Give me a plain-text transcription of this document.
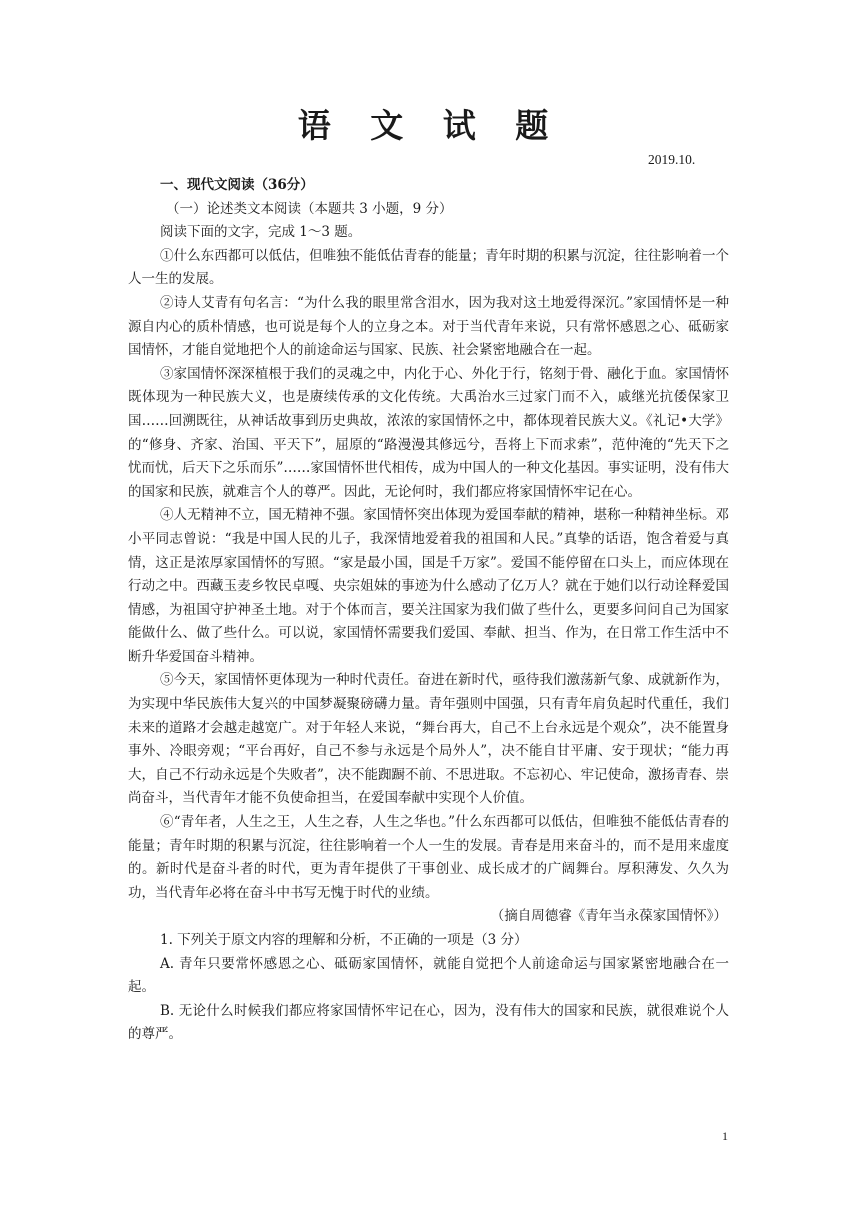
语 文 试 题
2019.10.

一、现代文阅读（36分）

（一）论述类文本阅读（本题共 3 小题，9 分）

阅读下面的文字，完成 1～3 题。

①什么东西都可以低估，但唯独不能低估青春的能量；青年时期的积累与沉淀，往往影响着一个人一生的发展。

②诗人艾青有句名言：“为什么我的眼里常含泪水，因为我对这土地爱得深沉。”家国情怀是一种源自内心的质朴情感，也可说是每个人的立身之本。对于当代青年来说，只有常怀感恩之心、砥砺家国情怀，才能自觉地把个人的前途命运与国家、民族、社会紧密地融合在一起。

③家国情怀深深植根于我们的灵魂之中，内化于心、外化于行，铭刻于骨、融化于血。家国情怀既体现为一种民族大义，也是赓续传承的文化传统。大禹治水三过家门而不入，戚继光抗倭保家卫国……回溯既往，从神话故事到历史典故，浓浓的家国情怀之中，都体现着民族大义。《礼记•大学》的“修身、齐家、治国、平天下”，屈原的“路漫漫其修远兮，吾将上下而求索”，范仲淹的“先天下之忧而忧，后天下之乐而乐”……家国情怀世代相传，成为中国人的一种文化基因。事实证明，没有伟大的国家和民族，就难言个人的尊严。因此，无论何时，我们都应将家国情怀牢记在心。

④人无精神不立，国无精神不强。家国情怀突出体现为爱国奉献的精神，堪称一种精神坐标。邓小平同志曾说：“我是中国人民的儿子，我深情地爱着我的祖国和人民。”真挚的话语，饱含着爱与真情，这正是浓厚家国情怀的写照。“家是最小国，国是千万家”。爱国不能停留在口头上，而应体现在行动之中。西藏玉麦乡牧民卓嘎、央宗姐妹的事迹为什么感动了亿万人？就在于她们以行动诠释爱国情感，为祖国守护神圣土地。对于个体而言，要关注国家为我们做了些什么，更要多问问自己为国家能做什么、做了些什么。可以说，家国情怀需要我们爱国、奉献、担当、作为，在日常工作生活中不断升华爱国奋斗精神。

⑤今天，家国情怀更体现为一种时代责任。奋进在新时代，亟待我们激荡新气象、成就新作为，为实现中华民族伟大复兴的中国梦凝聚磅礴力量。青年强则中国强，只有青年肩负起时代重任，我们未来的道路才会越走越宽广。对于年轻人来说，“舞台再大，自己不上台永远是个观众”，决不能置身事外、冷眼旁观；“平台再好，自己不参与永远是个局外人”，决不能自甘平庸、安于现状；“能力再大，自己不行动永远是个失败者”，决不能踟蹰不前、不思进取。不忘初心、牢记使命，激扬青春、崇尚奋斗，当代青年才能不负使命担当，在爱国奉献中实现个人价值。

⑥“青年者，人生之王，人生之春，人生之华也。”什么东西都可以低估，但唯独不能低估青春的能量；青年时期的积累与沉淀，往往影响着一个人一生的发展。青春是用来奋斗的，而不是用来虚度的。新时代是奋斗者的时代，更为青年提供了干事创业、成长成才的广阔舞台。厚积薄发、久久为功，当代青年必将在奋斗中书写无愧于时代的业绩。

（摘自周德睿《青年当永葆家国情怀》）

1. 下列关于原文内容的理解和分析，不正确的一项是（3 分）

A. 青年只要常怀感恩之心、砥砺家国情怀，就能自觉把个人前途命运与国家紧密地融合在一起。

B. 无论什么时候我们都应将家国情怀牢记在心，因为，没有伟大的国家和民族，就很难说个人的尊严。

1
